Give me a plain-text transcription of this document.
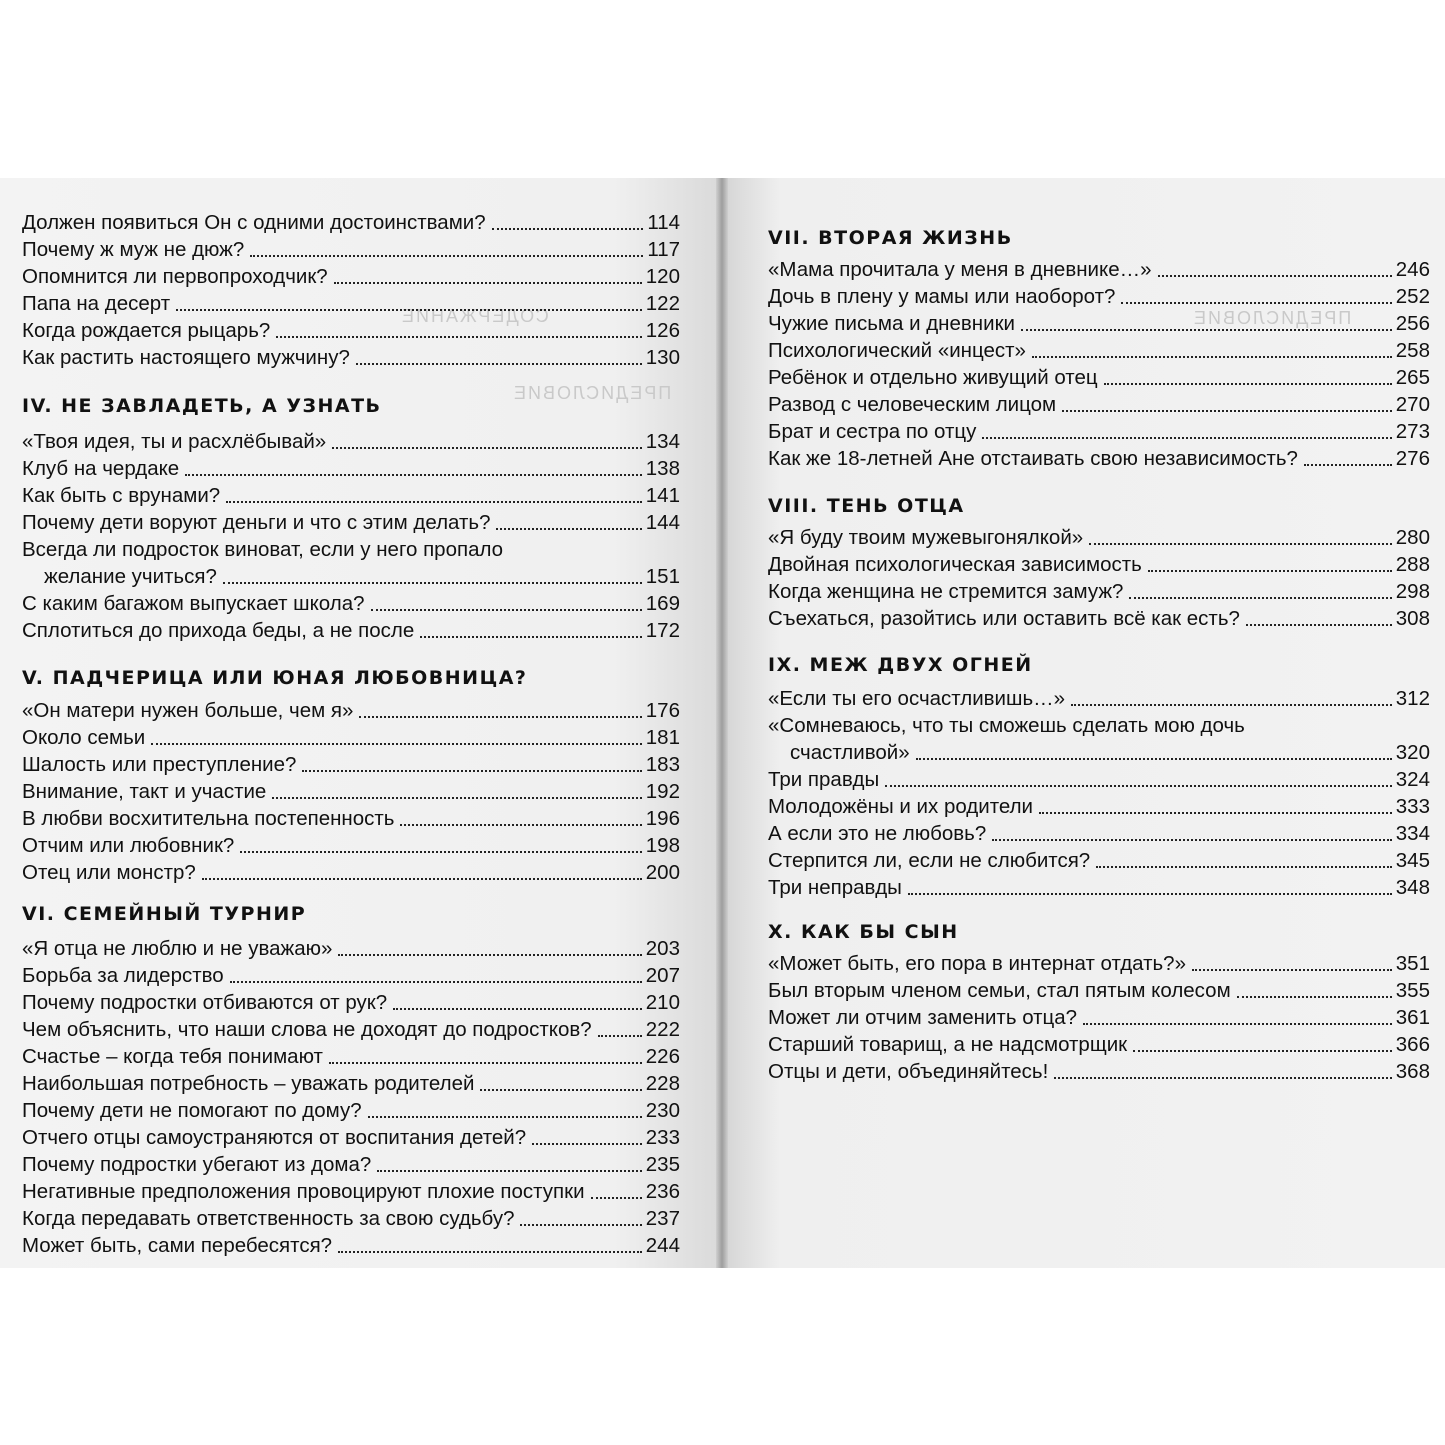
СОДЕРЖАНИЕ
ПРЕДИСЛОВИЕ
Должен появиться Он с одними достоинствами?	114
Почему ж муж не дюж?	117
Опомнится ли первопроходчик?	120
Папа на десерт	122
Когда рождается рыцарь?	126
Как растить настоящего мужчину?	130
IV. НЕ ЗАВЛАДЕТЬ, А УЗНАТЬ
«Твоя идея, ты и расхлёбывай»	134
Клуб на чердаке	138
Как быть с врунами?	141
Почему дети воруют деньги и что с этим делать?	144
Всегда ли подросток виноват, если у него пропало
желание учиться?	151
С каким багажом выпускает школа?	169
Сплотиться до прихода беды, а не после	172
V. ПАДЧЕРИЦА ИЛИ ЮНАЯ ЛЮБОВНИЦА?
«Он матери нужен больше, чем я»	176
Около семьи	181
Шалость или преступление?	183
Внимание, такт и участие	192
В любви восхитительна постепенность	196
Отчим или любовник?	198
Отец или монстр?	200
VI. СЕМЕЙНЫЙ ТУРНИР
«Я отца не люблю и не уважаю»	203
Борьба за лидерство	207
Почему подростки отбиваются от рук?	210
Чем объяснить, что наши слова не доходят до подростков?	222
Счастье – когда тебя понимают	226
Наибольшая потребность – уважать родителей	228
Почему дети не помогают по дому?	230
Отчего отцы самоустраняются от воспитания детей?	233
Почему подростки убегают из дома?	235
Негативные предположения провоцируют плохие поступки	236
Когда передавать ответственность за свою судьбу?	237
Может быть, сами перебесятся?	244
ПРЕДИСЛОВИЕ
VII. ВТОРАЯ ЖИЗНЬ
«Мама прочитала у меня в дневнике…»	246
Дочь в плену у мамы или наоборот?	252
Чужие письма и дневники	256
Психологический «инцест»	258
Ребёнок и отдельно живущий отец	265
Развод с человеческим лицом	270
Брат и сестра по отцу	273
Как же 18-летней Ане отстаивать свою независимость?	276
VIII. ТЕНЬ ОТЦА
«Я буду твоим мужевыгонялкой»	280
Двойная психологическая зависимость	288
Когда женщина не стремится замуж?	298
Съехаться, разойтись или оставить всё как есть?	308
IX. МЕЖ ДВУХ ОГНЕЙ
«Если ты его осчастливишь…»	312
«Сомневаюсь, что ты сможешь сделать мою дочь
счастливой»	320
Три правды	324
Молодожёны и их родители	333
А если это не любовь?	334
Стерпится ли, если не слюбится?	345
Три неправды	348
X. КАК БЫ СЫН
«Может быть, его пора в интернат отдать?»	351
Был вторым членом семьи, стал пятым колесом	355
Может ли отчим заменить отца?	361
Старший товарищ, а не надсмотрщик	366
Отцы и дети, объединяйтесь!	368
